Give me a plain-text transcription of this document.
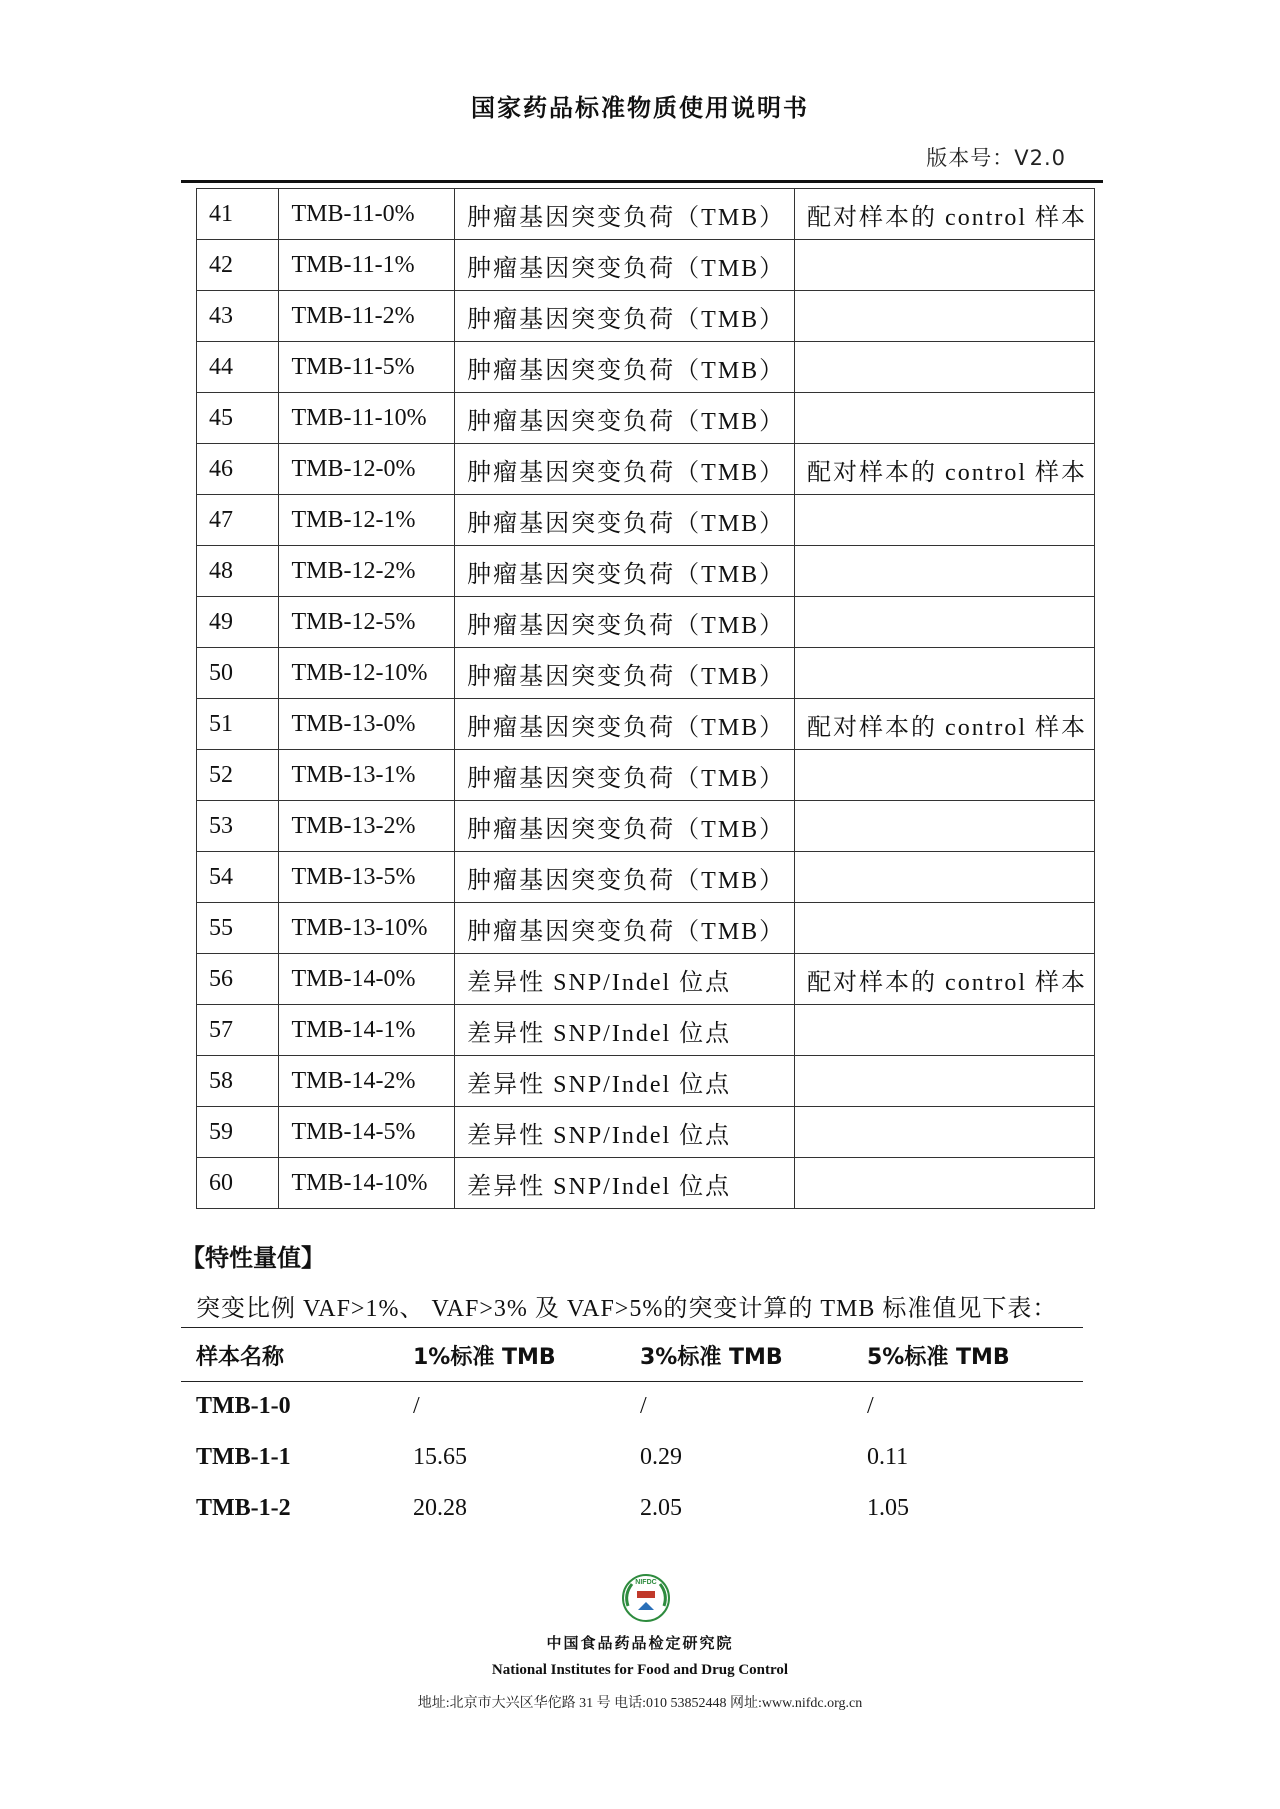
国家药品标准物质使用说明书
版本号：V2.0
41	TMB-11-0%	肿瘤基因突变负荷（TMB）	配对样本的 control 样本
42	TMB-11-1%	肿瘤基因突变负荷（TMB）	
43	TMB-11-2%	肿瘤基因突变负荷（TMB）	
44	TMB-11-5%	肿瘤基因突变负荷（TMB）	
45	TMB-11-10%	肿瘤基因突变负荷（TMB）	
46	TMB-12-0%	肿瘤基因突变负荷（TMB）	配对样本的 control 样本
47	TMB-12-1%	肿瘤基因突变负荷（TMB）	
48	TMB-12-2%	肿瘤基因突变负荷（TMB）	
49	TMB-12-5%	肿瘤基因突变负荷（TMB）	
50	TMB-12-10%	肿瘤基因突变负荷（TMB）	
51	TMB-13-0%	肿瘤基因突变负荷（TMB）	配对样本的 control 样本
52	TMB-13-1%	肿瘤基因突变负荷（TMB）	
53	TMB-13-2%	肿瘤基因突变负荷（TMB）	
54	TMB-13-5%	肿瘤基因突变负荷（TMB）	
55	TMB-13-10%	肿瘤基因突变负荷（TMB）	
56	TMB-14-0%	差异性 SNP/Indel 位点	配对样本的 control 样本
57	TMB-14-1%	差异性 SNP/Indel 位点	
58	TMB-14-2%	差异性 SNP/Indel 位点	
59	TMB-14-5%	差异性 SNP/Indel 位点	
60	TMB-14-10%	差异性 SNP/Indel 位点	
【特性量值】
突变比例 VAF>1%、 VAF>3% 及 VAF>5%的突变计算的 TMB 标准值见下表：
样本名称	1%标准 TMB	3%标准 TMB	5%标准 TMB
TMB-1-0	/	/	/
TMB-1-1	15.65	0.29	0.11
TMB-1-2	20.28	2.05	1.05
NIFDC
中国食品药品检定研究院
National Institutes for Food and Drug Control
地址:北京市大兴区华佗路 31 号 电话:010 53852448 网址:www.nifdc.org.cn
